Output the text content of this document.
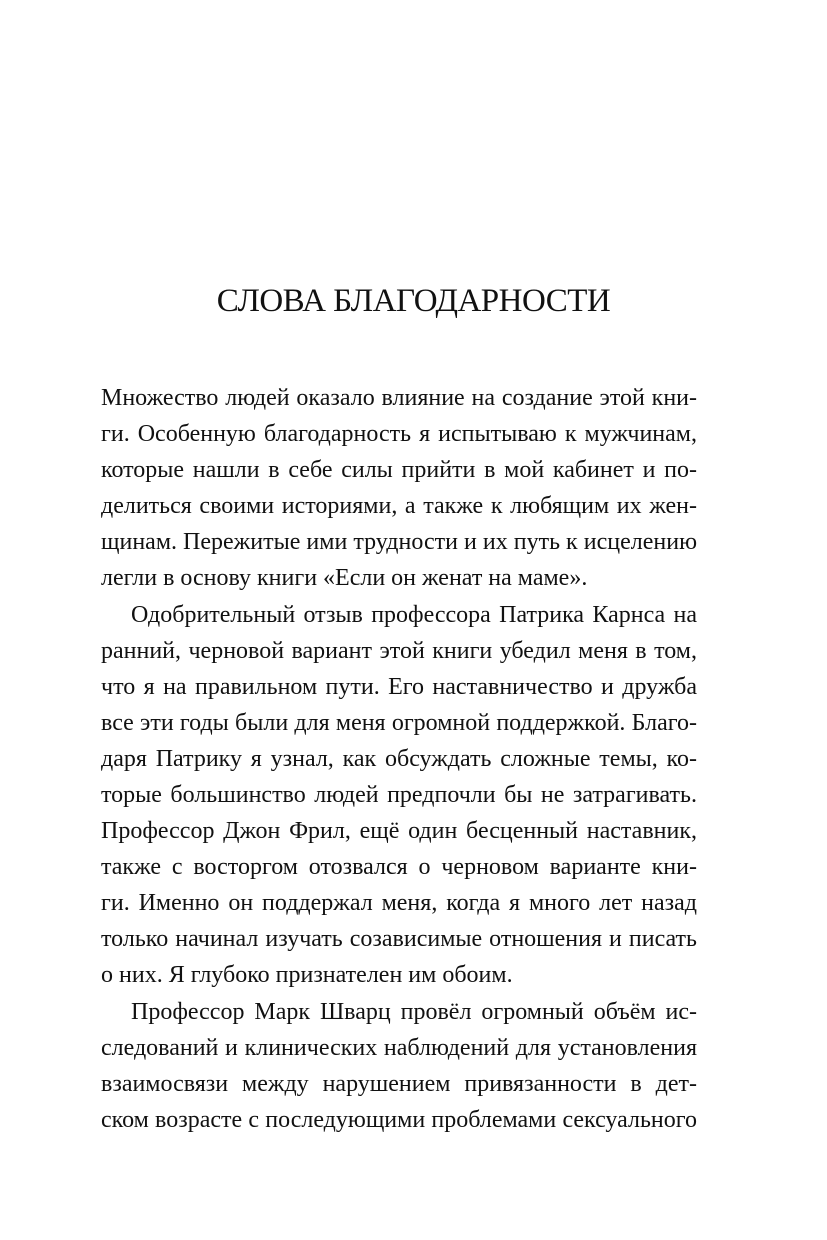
СЛОВА БЛАГОДАРНОСТИ
Множество людей оказало влияние на создание этой кни-
ги. Особенную благодарность я испытываю к мужчинам,
которые нашли в себе силы прийти в мой кабинет и по-
делиться своими историями, а также к любящим их жен-
щинам. Пережитые ими трудности и их путь к исцелению
легли в основу книги «Если он женат на маме».
Одобрительный отзыв профессора Патрика Карнса на
ранний, черновой вариант этой книги убедил меня в том,
что я на правильном пути. Его наставничество и дружба
все эти годы были для меня огромной поддержкой. Благо-
даря Патрику я узнал, как обсуждать сложные темы, ко-
торые большинство людей предпочли бы не затрагивать.
Профессор Джон Фрил, ещё один бесценный наставник,
также с восторгом отозвался о черновом варианте кни-
ги. Именно он поддержал меня, когда я много лет назад
только начинал изучать созависимые отношения и писать
о них. Я глубоко признателен им обоим.
Профессор Марк Шварц провёл огромный объём ис-
следований и клинических наблюдений для установления
взаимосвязи между нарушением привязанности в дет-
ском возрасте с последующими проблемами сексуального
